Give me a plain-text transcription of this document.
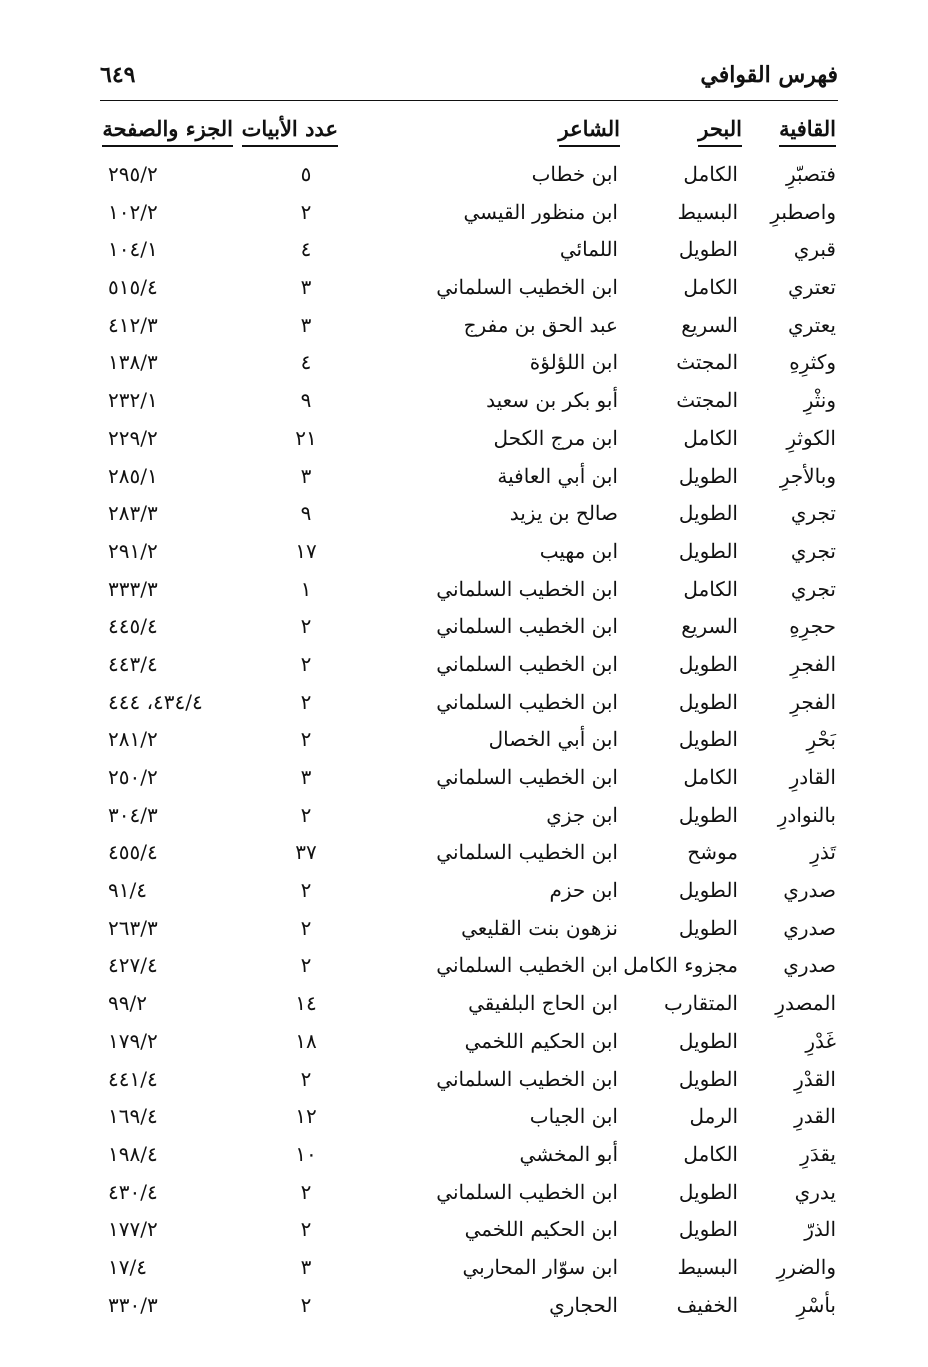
فهرس القوافي
٦٤٩
القافية
البحر
الشاعر
عدد الأبيات
الجزء والصفحة
فتصبّرِ
الكامل
ابن خطاب
٥
٢٩٥/٢
واصطبرِ
البسيط
ابن منظور القيسي
٢
١٠٢/٢
قبري
الطويل
اللمائي
٤
١٠٤/١
تعتري
الكامل
ابن الخطيب السلماني
٣
٥١٥/٤
يعتري
السريع
عبد الحق بن مفرج
٣
٤١٢/٣
وكثرِهِ
المجتث
ابن اللؤلؤة
٤
١٣٨/٣
ونثْرِ
المجتث
أبو بكر بن سعيد
٩
٢٣٢/١
الكوثرِ
الكامل
ابن مرج الكحل
٢١
٢٢٩/٢
وبالأجرِ
الطويل
ابن أبي العافية
٣
٢٨٥/١
تجري
الطويل
صالح بن يزيد
٩
٢٨٣/٣
تجري
الطويل
ابن مهيب
١٧
٢٩١/٢
تجري
الكامل
ابن الخطيب السلماني
١
٣٣٣/٣
حجرِهِ
السريع
ابن الخطيب السلماني
٢
٤٤٥/٤
الفجرِ
الطويل
ابن الخطيب السلماني
٢
٤٤٣/٤
الفجرِ
الطويل
ابن الخطيب السلماني
٢
٤٣٤/٤، ٤٤٤
بَحْرِ
الطويل
ابن أبي الخصال
٢
٢٨١/٢
القادرِ
الكامل
ابن الخطيب السلماني
٣
٢٥٠/٢
بالنوادرِ
الطويل
ابن جزي
٢
٣٠٤/٣
تَذرِ
موشح
ابن الخطيب السلماني
٣٧
٤٥٥/٤
صدري
الطويل
ابن حزم
٢
٩١/٤
صدري
الطويل
نزهون بنت القليعي
٢
٢٦٣/٣
صدري
مجزوء الكامل
ابن الخطيب السلماني
٢
٤٢٧/٤
المصدرِ
المتقارب
ابن الحاج البلفيقي
١٤
٩٩/٢
غَدْرِ
الطويل
ابن الحكيم اللخمي
١٨
١٧٩/٢
القدْرِ
الطويل
ابن الخطيب السلماني
٢
٤٤١/٤
القدرِ
الرمل
ابن الجياب
١٢
١٦٩/٤
يقدَرِ
الكامل
أبو المخشي
١٠
١٩٨/٤
يدري
الطويل
ابن الخطيب السلماني
٢
٤٣٠/٤
الذرّ
الطويل
ابن الحكيم اللخمي
٢
١٧٧/٢
والضررِ
البسيط
ابن سوّار المحاربي
٣
١٧/٤
بأسْرِ
الخفيف
الحجاري
٢
٣٣٠/٣
